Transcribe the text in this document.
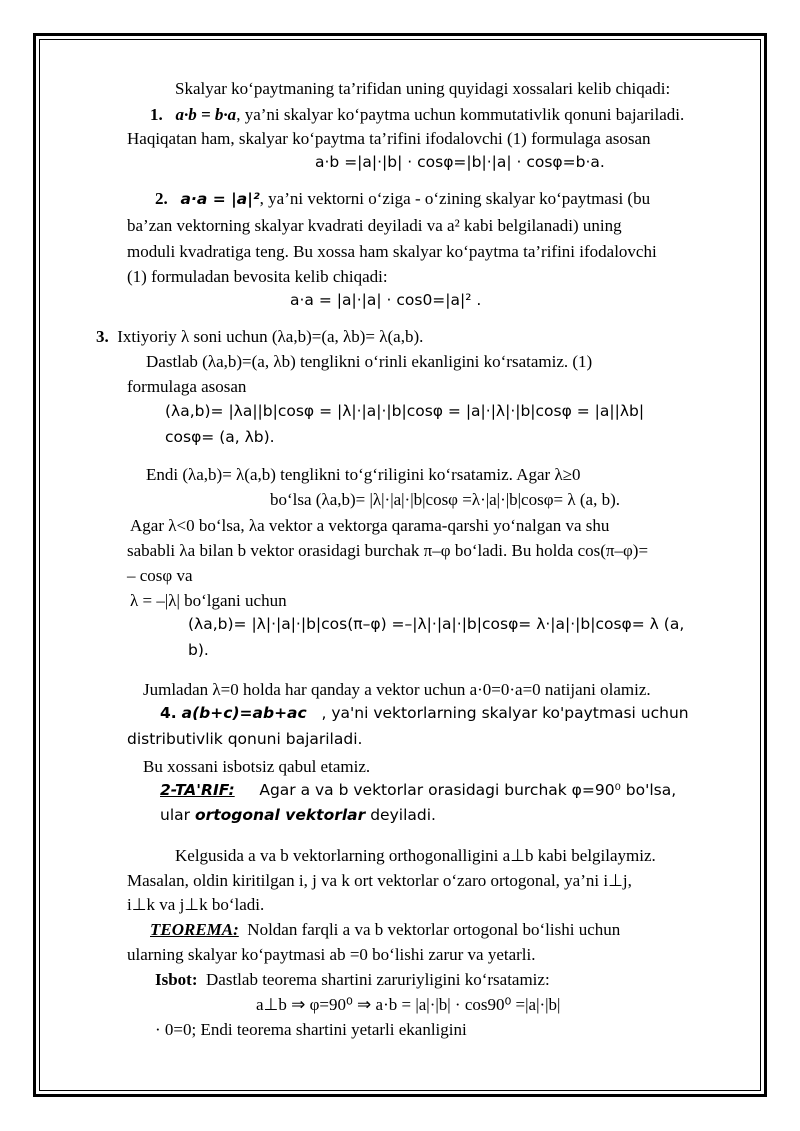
Skalyar ko‘paytmaning ta’rifidan uning quyidagi xossalari kelib chiqadi:
1. a·b = b·a, ya’ni skalyar ko‘paytma uchun kommutativlik qonuni bajariladi.
Haqiqatan ham, skalyar ko‘paytma ta’rifini ifodalovchi (1) formulaga asosan
a·b =|a|·|b| · cosφ=|b|·|a| · cosφ=b·a.
2. a·a = |a|², ya’ni vektorni o‘ziga - o‘zining skalyar ko‘paytmasi (bu
ba’zan vektorning skalyar kvadrati deyiladi va a² kabi belgilanadi) uning
moduli kvadratiga teng. Bu xossa ham skalyar ko‘paytma ta’rifini ifodalovchi
(1) formuladan bevosita kelib chiqadi:
a·a = |a|·|a| · cos0=|a|² .
3. Ixtiyoriy λ soni uchun (λa,b)=(a, λb)= λ(a,b).
Dastlab (λa,b)=(a, λb) tenglikni o‘rinli ekanligini ko‘rsatamiz. (1)
formulaga asosan
(λa,b)= |λa||b|cosφ = |λ|·|a|·|b|cosφ = |a|·|λ|·|b|cosφ = |a||λb|
cosφ= (a, λb).
Endi (λa,b)= λ(a,b) tenglikni to‘g‘riligini ko‘rsatamiz. Agar λ≥0
bo‘lsa (λa,b)= |λ|·|a|·|b|cosφ =λ·|a|·|b|cosφ= λ (a, b).
Agar λ<0 bo‘lsa, λa vektor a vektorga qarama-qarshi yo‘nalgan va shu
sababli λa bilan b vektor orasidagi burchak π–φ bo‘ladi. Bu holda cos(π–φ)=
– cosφ va
λ = –|λ| bo‘lgani uchun
(λa,b)= |λ|·|a|·|b|cos(π–φ) =–|λ|·|a|·|b|cosφ= λ·|a|·|b|cosφ= λ (a,
b).
Jumladan λ=0 holda har qanday a vektor uchun a·0=0·a=0 natijani olamiz.
4. a(b+c)=ab+ac , ya'ni vektorlarning skalyar ko'paytmasi uchun
distributivlik qonuni bajariladi.
Bu xossani isbotsiz qabul etamiz.
2-TA'RIF: Agar a va b vektorlar orasidagi burchak φ=90⁰ bo'lsa,
ular ortogonal vektorlar deyiladi.
Kelgusida a va b vektorlarning orthogonalligini a⊥b kabi belgilaymiz.
Masalan, oldin kiritilgan i, j va k ort vektorlar o‘zaro ortogonal, ya’ni i⊥j,
i⊥k va j⊥k bo‘ladi.
TEOREMA: Noldan farqli a va b vektorlar ortogonal bo‘lishi uchun
ularning skalyar ko‘paytmasi ab =0 bo‘lishi zarur va yetarli.
Isbot: Dastlab teorema shartini zaruriyligini ko‘rsatamiz:
a⊥b ⇒ φ=90⁰ ⇒ a·b = |a|·|b| · cos90⁰ =|a|·|b|
· 0=0; Endi teorema shartini yetarli ekanligini
